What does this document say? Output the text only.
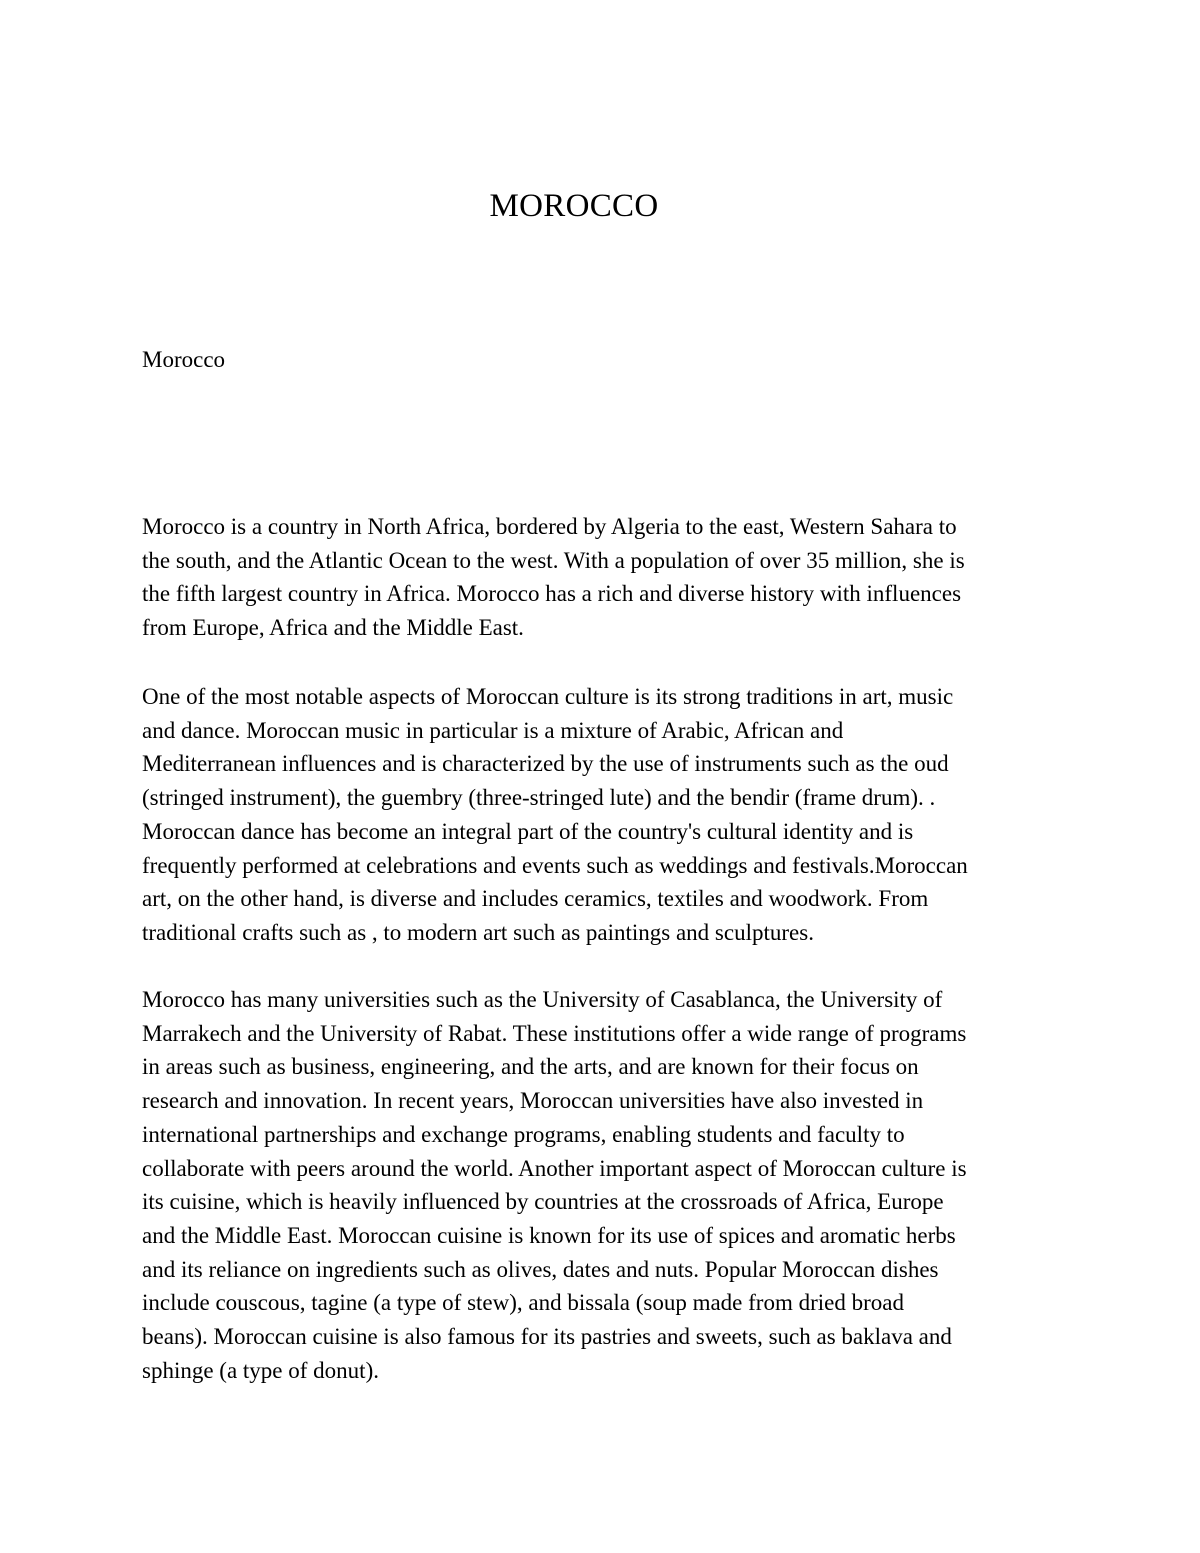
MOROCCO
Morocco
Morocco is a country in North Africa, bordered by Algeria to the east, Western Sahara to
the south, and the Atlantic Ocean to the west. With a population of over 35 million, she is
the fifth largest country in Africa. Morocco has a rich and diverse history with influences
from Europe, Africa and the Middle East.
One of the most notable aspects of Moroccan culture is its strong traditions in art, music
and dance. Moroccan music in particular is a mixture of Arabic, African and
Mediterranean influences and is characterized by the use of instruments such as the oud
(stringed instrument), the guembry (three-stringed lute) and the bendir (frame drum). .
Moroccan dance has become an integral part of the country's cultural identity and is
frequently performed at celebrations and events such as weddings and festivals.Moroccan
art, on the other hand, is diverse and includes ceramics, textiles and woodwork. From
traditional crafts such as , to modern art such as paintings and sculptures.
Morocco has many universities such as the University of Casablanca, the University of
Marrakech and the University of Rabat. These institutions offer a wide range of programs
in areas such as business, engineering, and the arts, and are known for their focus on
research and innovation. In recent years, Moroccan universities have also invested in
international partnerships and exchange programs, enabling students and faculty to
collaborate with peers around the world. Another important aspect of Moroccan culture is
its cuisine, which is heavily influenced by countries at the crossroads of Africa, Europe
and the Middle East. Moroccan cuisine is known for its use of spices and aromatic herbs
and its reliance on ingredients such as olives, dates and nuts. Popular Moroccan dishes
include couscous, tagine (a type of stew), and bissala (soup made from dried broad
beans). Moroccan cuisine is also famous for its pastries and sweets, such as baklava and
sphinge (a type of donut).
